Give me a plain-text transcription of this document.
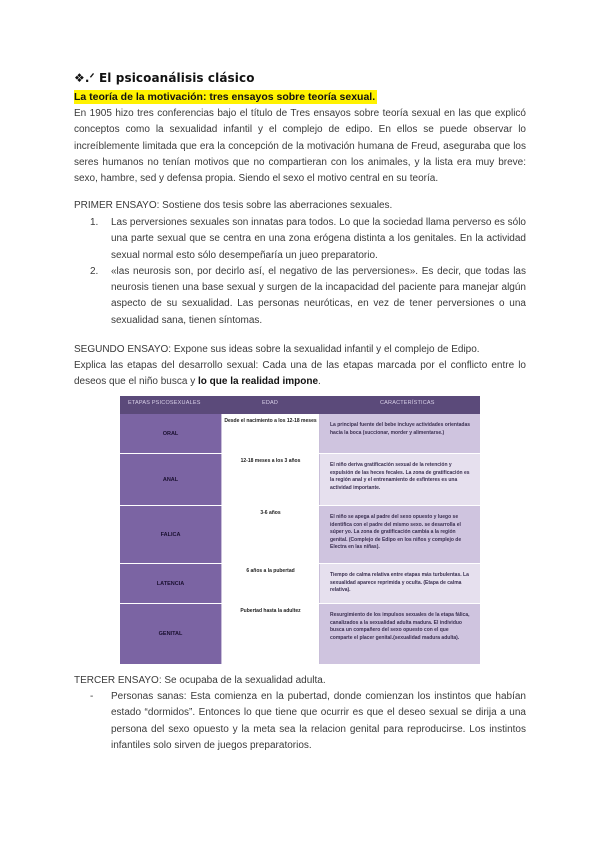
❖.ᐟ El psicoanálisis clásico
La teoría de la motivación: tres ensayos sobre teoría sexual.

En 1905 hizo tres conferencias bajo el título de Tres ensayos sobre teoría sexual en las que explicó conceptos como la sexualidad infantil y el complejo de edipo. En ellos se puede observar lo increíblemente limitada que era la concepción de la motivación humana de Freud, aseguraba que los seres humanos no tenían motivos que no compartieran con los animales, y la lista era muy breve: sexo, hambre, sed y defensa propia. Siendo el sexo el motivo central en su teoría.

PRIMER ENSAYO: Sostiene dos tesis sobre las aberraciones sexuales.
1. Las perversiones sexuales son innatas para todos. Lo que la sociedad llama perverso es sólo una parte sexual que se centra en una zona erógena distinta a los genitales. En la actividad sexual normal esto sólo desempeñaría un jueo preparatorio.
2. «las neurosis son, por decirlo así, el negativo de las perversiones». Es decir, que todas las neurosis tienen una base sexual y surgen de la incapacidad del paciente para manejar algún aspecto de su sexualidad. Las personas neuróticas, en vez de tener perversiones o una sexualidad sana, tienen síntomas.
SEGUNDO ENSAYO: Expone sus ideas sobre la sexualidad infantil y el complejo de Edipo.
Explica las etapas del desarrollo sexual: Cada una de las etapas marcada por el conflicto entre lo deseos que el niño busca y lo que la realidad impone.
ETAPAS PSICOSEXUALES	EDAD	CARACTERÍSTICAS
ORAL
Desde el nacimiento a los 12-18 meses
La principal fuente del bebe incluye actividades orientadas hacia la boca (succionar, morder y alimentarse.)
ANAL
12-18 meses a los 3 años
El niño deriva gratificación sexual de la retención y expulsión de las heces fecales. La zona de gratificación es la región anal y el entrenamiento de esfínteres es una actividad importante.
FALICA
3-6 años
El niño se apega al padre del sexo opuesto y luego se identifica con el padre del mismo sexo. se desarrolla el súper yo. La zona de gratificación cambia a la región genital. (Complejo de Edipo en los niños y complejo de Electra en las niñas).
LATENCIA
6 años a la pubertad
Tiempo de calma relativa entre etapas más turbulentas. La sexualidad aparece reprimida y oculta. (Etapa de calma relativa).
GENITAL
Pubertad hasta la adultez
Resurgimiento de los impulsos sexuales de la etapa fálica, canalizados a la sexualidad adulta madura. El individuo busca un compañero del sexo opuesto con el que comparte el placer genital.(sexualidad madura adulta).
TERCER ENSAYO: Se ocupaba de la sexualidad adulta.
- Personas sanas: Esta comienza en la pubertad, donde comienzan los instintos que habían estado “dormidos”. Entonces lo que tiene que ocurrir es que el deseo sexual se dirija a una persona del sexo opuesto y la meta sea la relacion genital para reproducirse. Los instintos infantiles solo sirven de juegos preparatorios.
